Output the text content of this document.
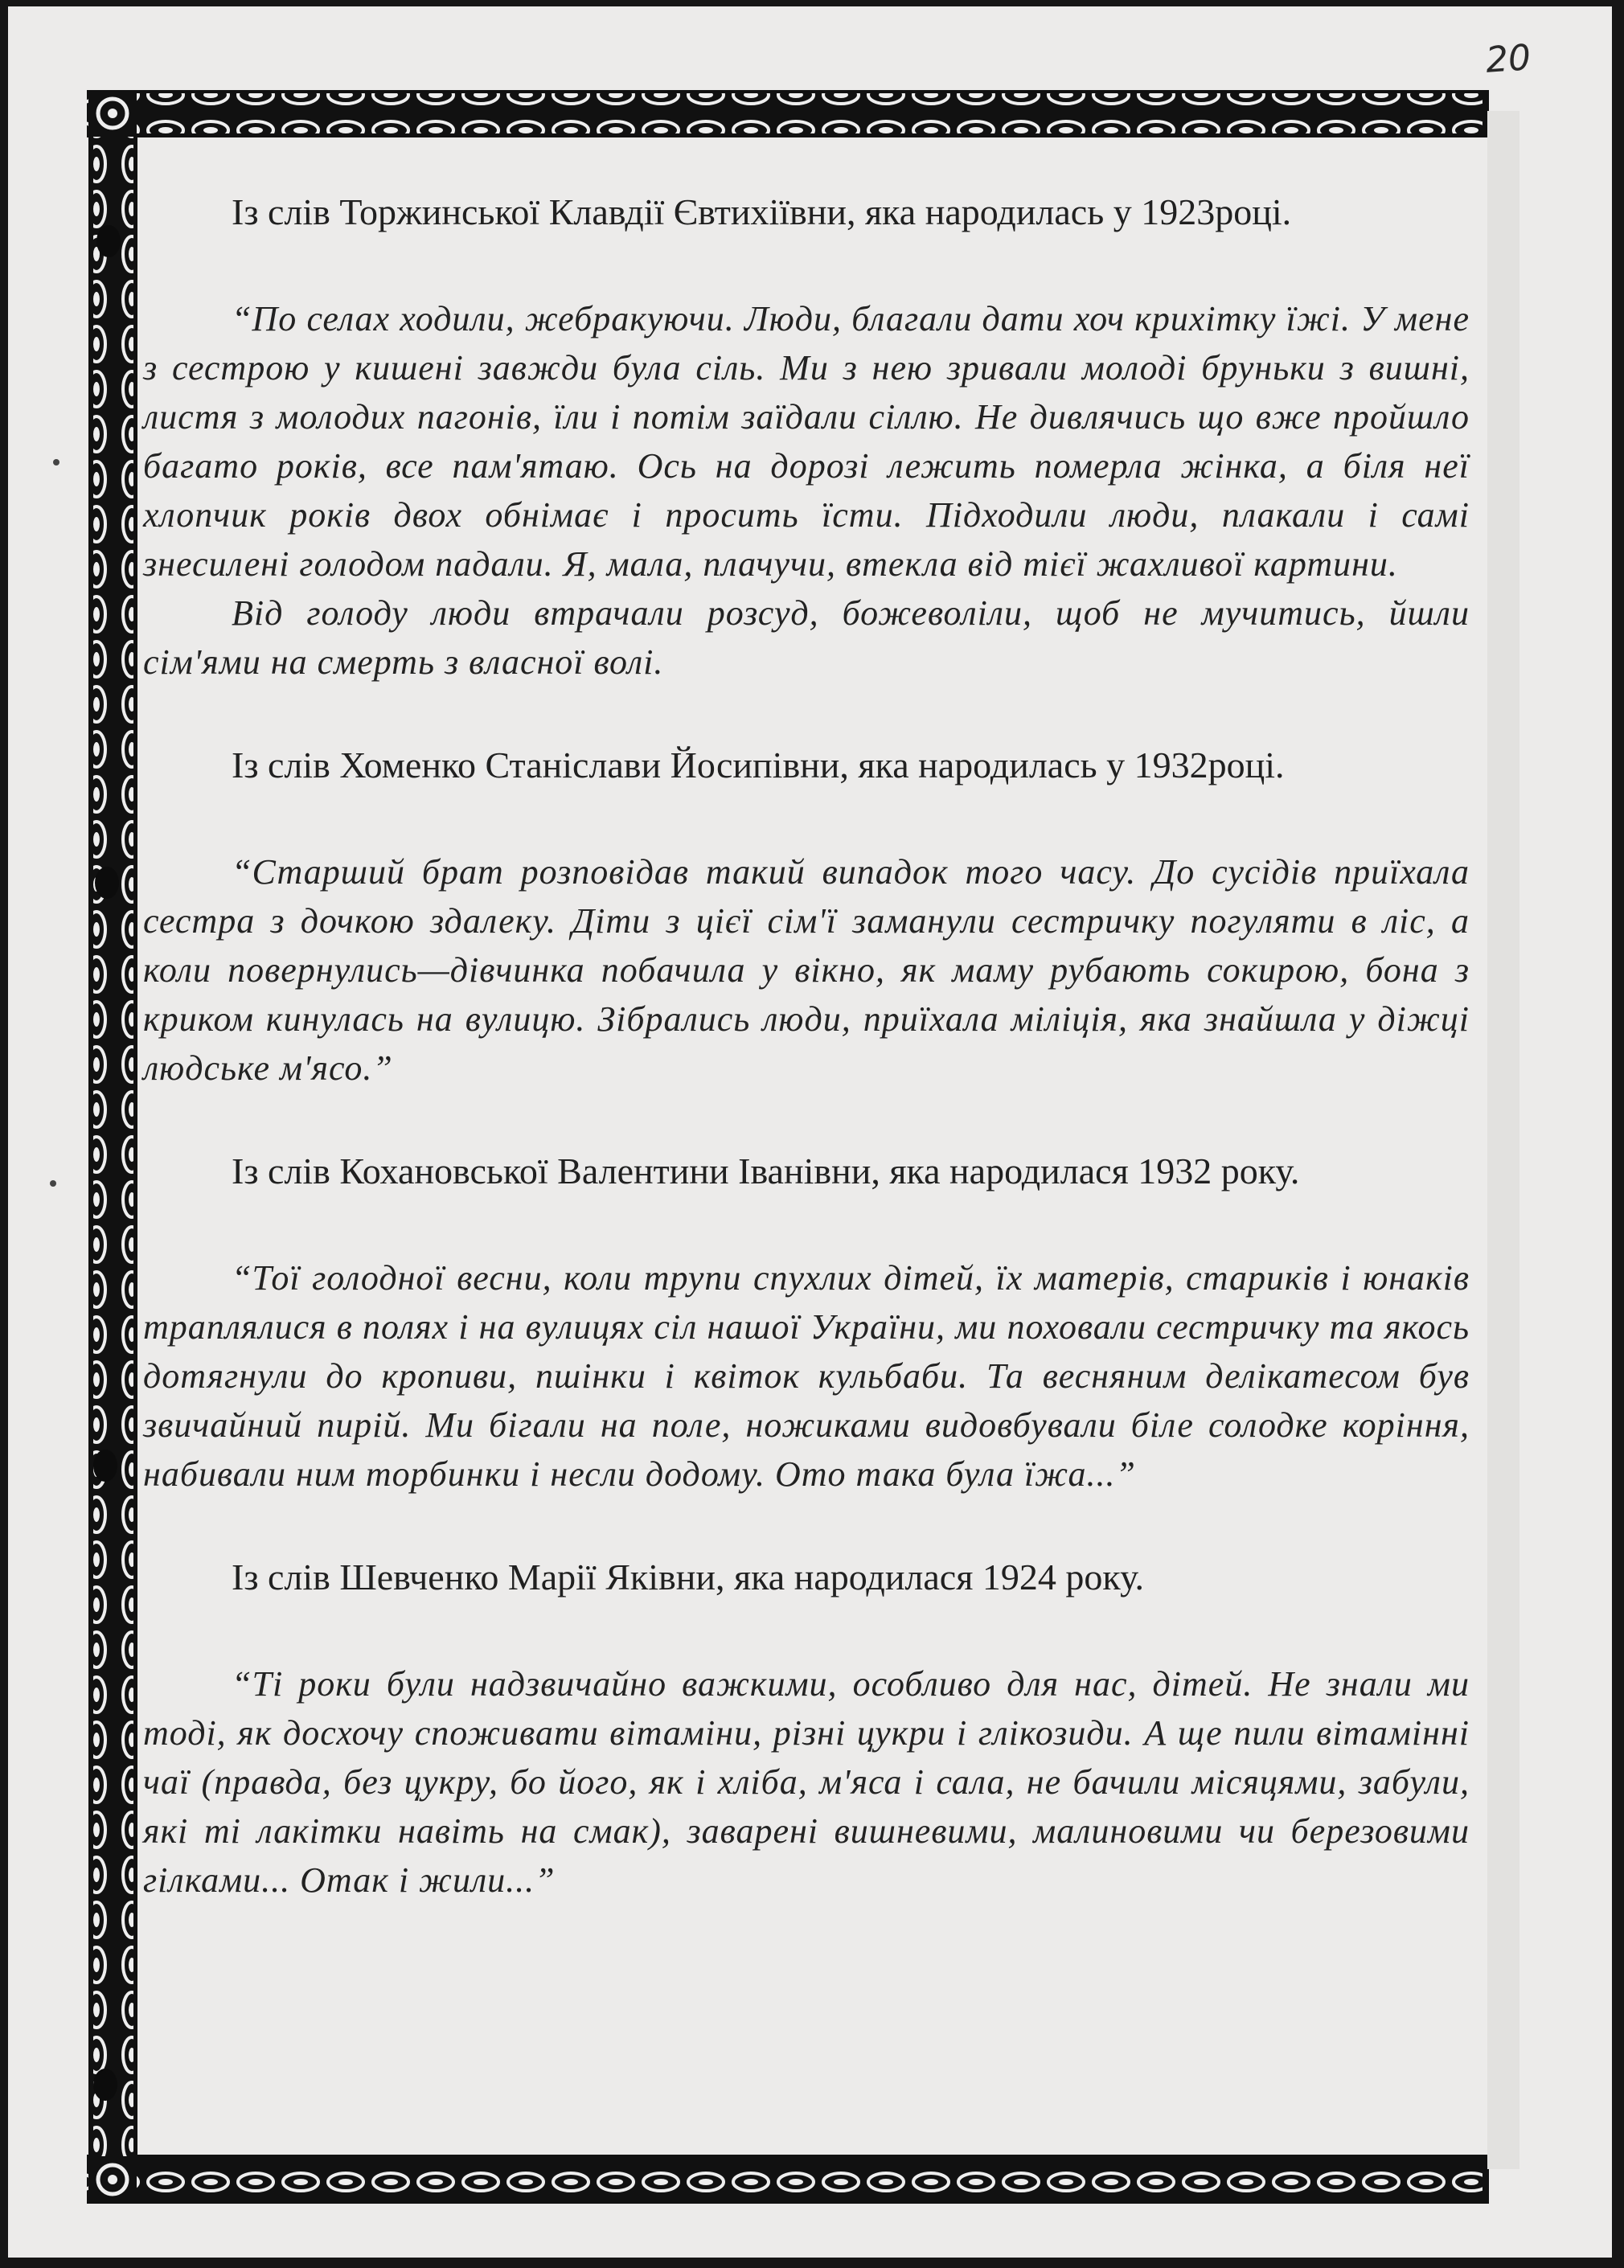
20
Із слів Торжинської Клавдії Євтихіївни, яка народилась у 1923році.

“По селах ходили, жебракуючи. Люди, благали дати хоч крихітку їжі. У мене з сестрою у кишені завжди була сіль. Ми з нею зривали молоді бруньки з вишні, листя з молодих пагонів, їли і потім заїдали сіллю. Не дивлячись що вже пройшло багато років, все пам'ятаю. Ось на дорозі лежить померла жінка, а біля неї хлопчик років двох обнімає і просить їсти. Підходили люди, плакали і самі знесилені голодом падали. Я, мала, плачучи, втекла від тієї жахливої картини.

Від голоду люди втрачали розсуд, божеволіли, щоб не мучитись, йшли сім'ями на смерть з власної волі.

Із слів Хоменко Станіслави Йосипівни, яка народилась у 1932році.

“Старший брат розповідав такий випадок того часу. До сусідів приїхала сестра з дочкою здалеку. Діти з цієї сім'ї заманули сестричку погуляти в ліс, а коли повернулись—дівчинка побачила у вікно, як маму рубають сокирою, бона з криком кинулась на вулицю. Зібрались люди, приїхала міліція, яка знайшла у діжці людське м'ясо.”

Із слів Кохановської Валентини Іванівни, яка народилася 1932 року.

“Тої голодної весни, коли трупи спухлих дітей, їх матерів, стариків і юнаків траплялися в полях і на вулицях сіл нашої України, ми поховали сестричку та якось дотягнули до кропиви, пшінки і квіток кульбаби. Та весняним делікатесом був звичайний пирій. Ми бігали на поле, ножиками видовбували біле солодке коріння, набивали ним торбинки і несли додому. Ото така була їжа...”

Із слів Шевченко Марії Яківни, яка народилася 1924 року.

“Ті роки були надзвичайно важкими, особливо для нас, дітей. Не знали ми тоді, як досхочу споживати вітаміни, різні цукри і глікозиди. А ще пили вітамінні чаї (правда, без цукру, бо його, як і хліба, м'яса і сала, не бачили місяцями, забули, які ті лакітки навіть на смак), заварені вишневими, малиновими чи березовими гілками... Отак і жили...”
